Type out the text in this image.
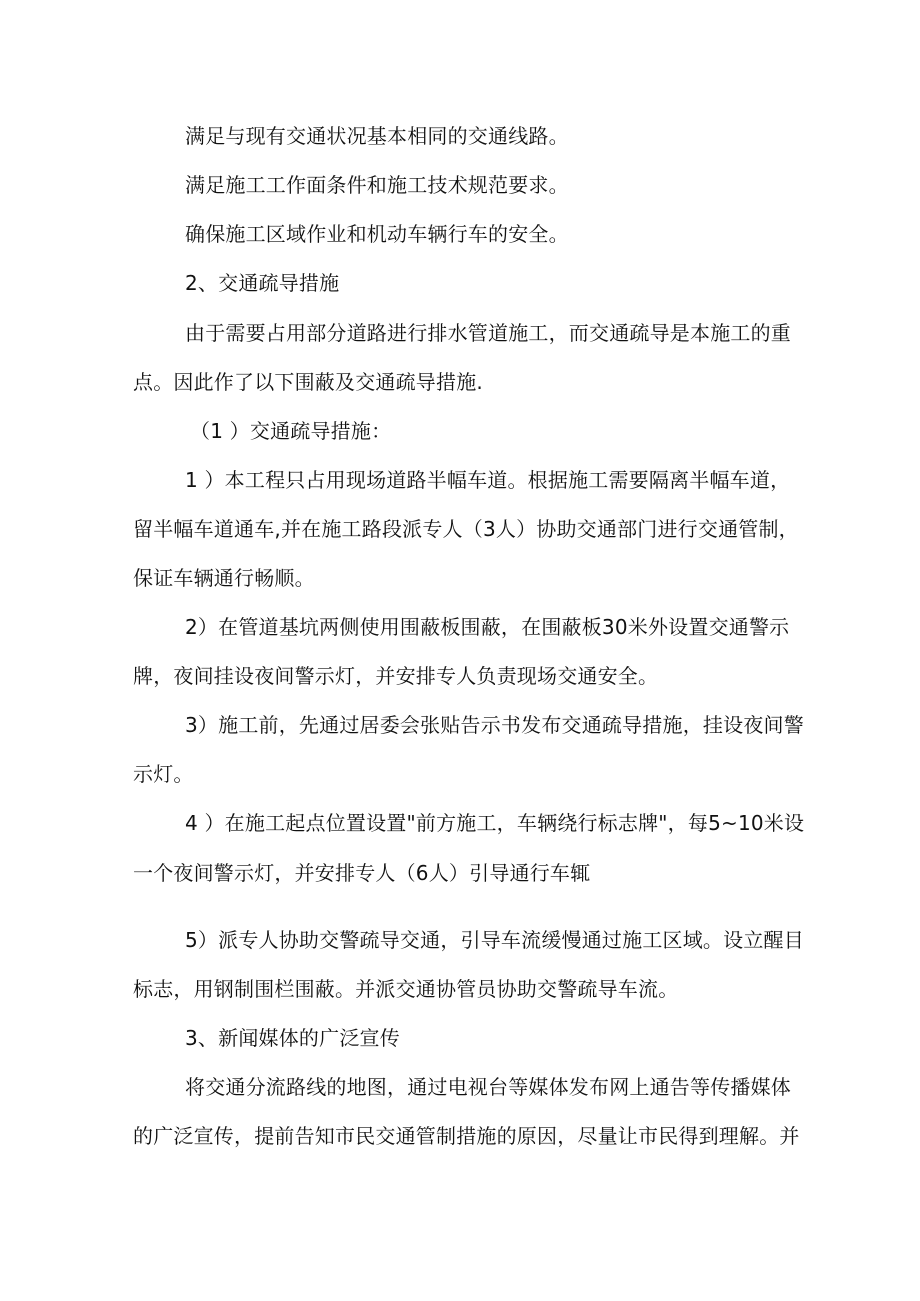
满足与现有交通状况基本相同的交通线路。
满足施工工作面条件和施工技术规范要求。
确保施工区域作业和机动车辆行车的安全。
2、交通疏导措施
由于需要占用部分道路进行排水管道施工，而交通疏导是本施工的重
点。因此作了以下围蔽及交通疏导措施.
（1 ）交通疏导措施：
1 ）本工程只占用现场道路半幅车道。根据施工需要隔离半幅车道，
留半幅车道通车,并在施工路段派专人（3人）协助交通部门进行交通管制，
保证车辆通行畅顺。
2）在管道基坑两侧使用围蔽板围蔽，在围蔽板30米外设置交通警示
牌，夜间挂设夜间警示灯，并安排专人负责现场交通安全。
3）施工前，先通过居委会张贴告示书发布交通疏导措施，挂设夜间警
示灯。
4 ）在施工起点位置设置"前方施工，车辆绕行标志牌"，每5~10米设
一个夜间警示灯，并安排专人（6人）引导通行车辄
5）派专人协助交警疏导交通，引导车流缓慢通过施工区域。设立醒目
标志，用钢制围栏围蔽。并派交通协管员协助交警疏导车流。
3、新闻媒体的广泛宣传
将交通分流路线的地图，通过电视台等媒体发布网上通告等传播媒体
的广泛宣传，提前告知市民交通管制措施的原因，尽量让市民得到理解。并
